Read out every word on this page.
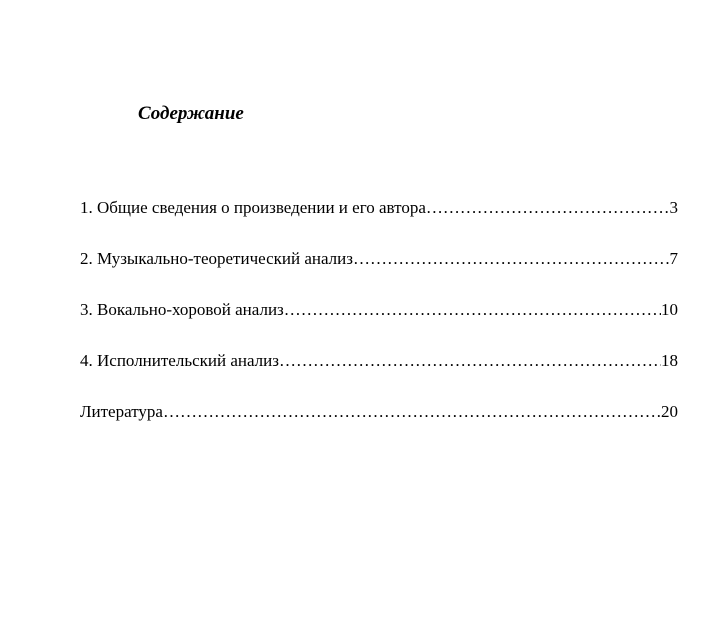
Содержание
1. Общие сведения о произведении и его автора ………………………………………………………………………………………………………………………………	3
2. Музыкально-теоретический анализ ………………………………………………………………………………………………………………………………	7
3. Вокально-хоровой анализ ………………………………………………………………………………………………………………………………	10
4. Исполнительский анализ ………………………………………………………………………………………………………………………………	18
Литература ………………………………………………………………………………………………………………………………	20
